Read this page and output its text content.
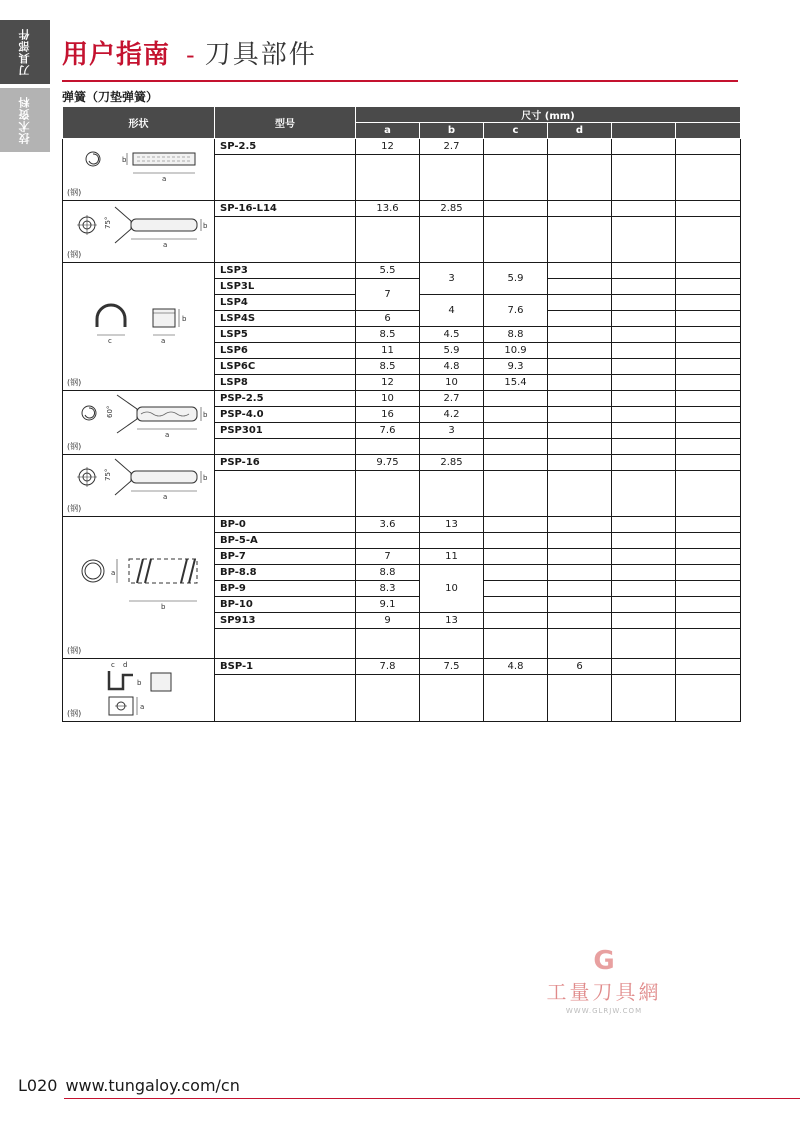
刀具部件
技术资料
用户指南 - 刀具部件
弹簧（刀垫弹簧）
形状	型号	尺寸 (mm)					
		a	b	c	d		

b
a
(钢)	SP-2.5	12	2.7				

75° b
a
(钢)	SP-16-L14	13.6	2.85				

c
b
a
(钢)	LSP3	5.5	3	5.9			
	LSP3L	7					
	LSP4		4	7.6			
	LSP4S	6					
	LSP5	8.5	4.5	8.8			
	LSP6	11	5.9	10.9			
	LSP6C	8.5	4.8	9.3			
	LSP8	12	10	15.4			

60° b
a
(钢)	PSP-2.5	10	2.7				
	PSP-4.0	16	4.2				
	PSP301	7.6	3				

75° b
a
(钢)	PSP-16	9.75	2.85				

a
b
(钢)	BP-0	3.6	13				
	BP-5-A						
	BP-7	7	11				
	BP-8.8	8.8	10				
	BP-9	8.3					
	BP-10	9.1					
	SP913	9	13				

c d
b
a
(钢)	BSP-1	7.8	7.5	4.8	6		

G
工量刀具網
WWW.GLRJW.COM
L020 www.tungaloy.com/cn
